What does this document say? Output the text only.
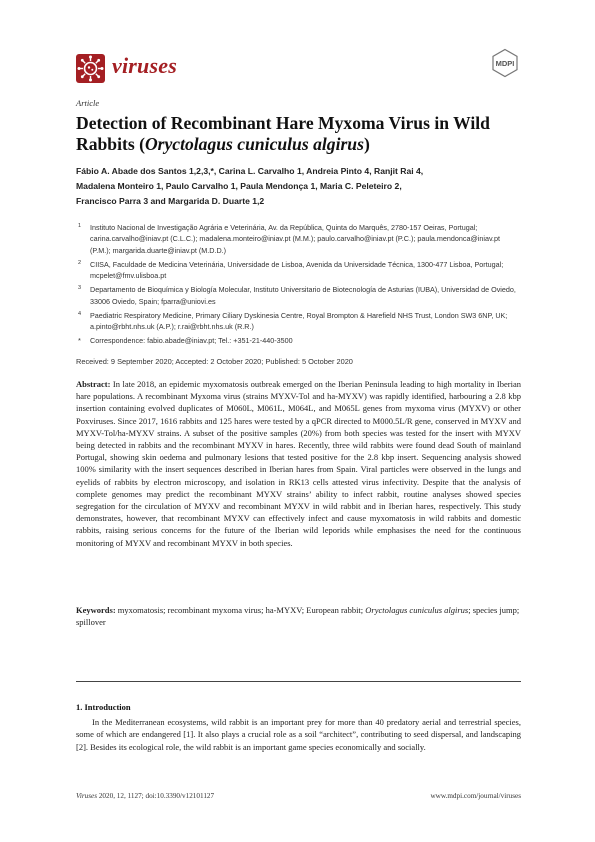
viruses	MDPI
Article
Detection of Recombinant Hare Myxoma Virus in Wild Rabbits (Oryctolagus cuniculus algirus)
Fábio A. Abade dos Santos 1,2,3,*, Carina L. Carvalho 1, Andreia Pinto 4, Ranjit Rai 4,
Madalena Monteiro 1, Paulo Carvalho 1, Paula Mendonça 1, Maria C. Peleteiro 2,
Francisco Parra 3 and Margarida D. Duarte 1,2
1 Instituto Nacional de Investigação Agrária e Veterinária, Av. da República, Quinta do Marquês, 2780-157 Oeiras, Portugal; carina.carvalho@iniav.pt (C.L.C.); madalena.monteiro@iniav.pt (M.M.); paulo.carvalho@iniav.pt (P.C.); paula.mendonca@iniav.pt (P.M.); margarida.duarte@iniav.pt (M.D.D.)
2 CIISA, Faculdade de Medicina Veterinária, Universidade de Lisboa, Avenida da Universidade Técnica, 1300-477 Lisboa, Portugal; mcpelet@fmv.ulisboa.pt
3 Departamento de Bioquímica y Biología Molecular, Instituto Universitario de Biotecnología de Asturias (IUBA), Universidad de Oviedo, 33006 Oviedo, Spain; fparra@uniovi.es
4 Paediatric Respiratory Medicine, Primary Ciliary Dyskinesia Centre, Royal Brompton & Harefield NHS Trust, London SW3 6NP, UK; a.pinto@rbht.nhs.uk (A.P.); r.rai@rbht.nhs.uk (R.R.)
* Correspondence: fabio.abade@iniav.pt; Tel.: +351-21-440-3500
Received: 9 September 2020; Accepted: 2 October 2020; Published: 5 October 2020
Abstract: In late 2018, an epidemic myxomatosis outbreak emerged on the Iberian Peninsula leading to high mortality in Iberian hare populations. A recombinant Myxoma virus (strains MYXV-Tol and ha-MYXV) was rapidly identified, harbouring a 2.8 kbp insertion containing evolved duplicates of M060L, M061L, M064L, and M065L genes from myxoma virus (MYXV) or other Poxviruses. Since 2017, 1616 rabbits and 125 hares were tested by a qPCR directed to M000.5L/R gene, conserved in MYXV and MYXV-Tol/ha-MYXV strains. A subset of the positive samples (20%) from both species was tested for the insert with MYXV being detected in rabbits and the recombinant MYXV in hares. Recently, three wild rabbits were found dead South of mainland Portugal, showing skin oedema and pulmonary lesions that tested positive for the 2.8 kbp insert. Sequencing analysis showed 100% similarity with the insert sequences described in Iberian hares from Spain. Viral particles were observed in the lungs and eyelids of rabbits by electron microscopy, and isolation in RK13 cells attested virus infectivity. Despite that the analysis of complete genomes may predict the recombinant MYXV strains’ ability to infect rabbit, routine analyses showed species segregation for the circulation of MYXV and recombinant MYXV in wild rabbit and in Iberian hares, respectively. This study demonstrates, however, that recombinant MYXV can effectively infect and cause myxomatosis in wild rabbits and domestic rabbits, raising serious concerns for the future of the Iberian wild leporids while emphasises the need for the continuous monitoring of MYXV and recombinant MYXV in both species.
Keywords: myxomatosis; recombinant myxoma virus; ha-MYXV; European rabbit; Oryctolagus cuniculus algirus; species jump; spillover
1. Introduction
In the Mediterranean ecosystems, wild rabbit is an important prey for more than 40 predatory aerial and terrestrial species, some of which are endangered [1]. It also plays a crucial role as a soil “architect”, contributing to seed dispersal, and landscaping [2]. Besides its ecological role, the wild rabbit is an important game species economically and socially.
Viruses 2020, 12, 1127; doi:10.3390/v12101127	www.mdpi.com/journal/viruses
